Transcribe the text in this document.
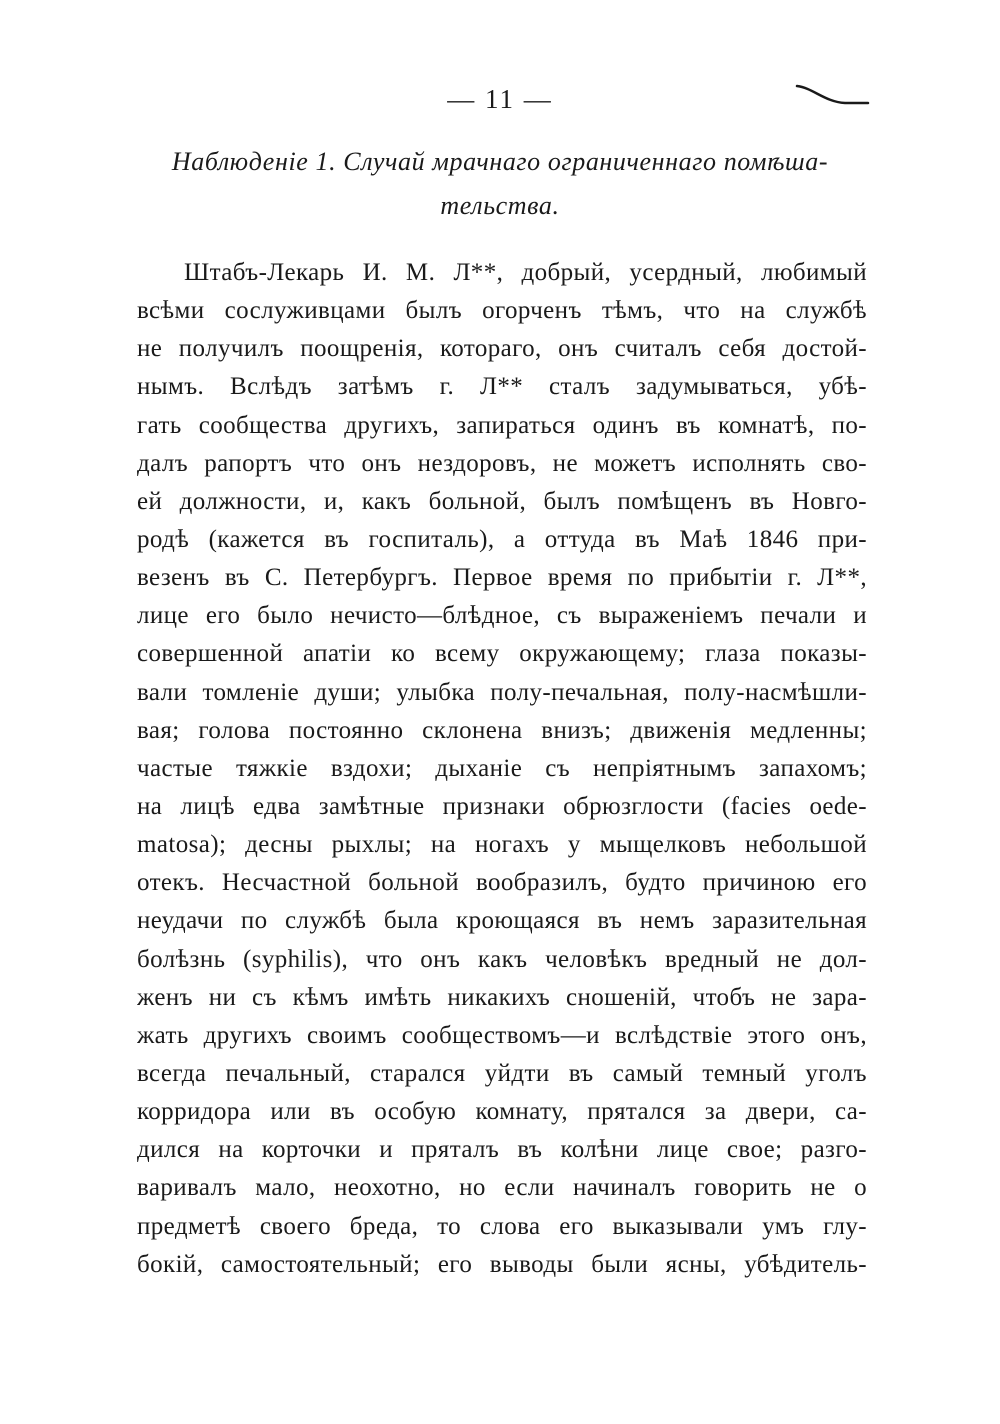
— 11 —
Наблюденіе 1. Случай мрачнаго ограниченнаго помѣша-
тельства.
Штабъ-Лекарь И. М. Л**, добрый, усердный, любимый
всѣми сослуживцами былъ огорченъ тѣмъ, что на службѣ
не получилъ поощренія, котораго, онъ считалъ себя достой-
нымъ. Вслѣдъ затѣмъ г. Л** сталъ задумываться, убѣ-
гать сообщества другихъ, запираться одинъ въ комнатѣ, по-
далъ рапортъ что онъ нездоровъ, не можетъ исполнять сво-
ей должности, и, какъ больной, былъ помѣщенъ въ Новго-
родѣ (кажется въ госпиталь), а оттуда въ Маѣ 1846 при-
везенъ въ С. Петербургъ. Первое время по прибытіи г. Л**,
лице его было нечисто—блѣдное, съ выраженіемъ печали и
совершенной апатіи ко всему окружающему; глаза показы-
вали томленіе души; улыбка полу-печальная, полу-насмѣшли-
вая; голова постоянно склонена внизъ; движенія медленны;
частые тяжкіе вздохи; дыханіе съ непріятнымъ запахомъ;
на лицѣ едва замѣтные признаки обрюзглости (facies oede-
matosa); десны рыхлы; на ногахъ у мыщелковъ небольшой
отекъ. Несчастной больной вообразилъ, будто причиною его
неудачи по службѣ была кроющаяся въ немъ заразительная
болѣзнь (syphilis), что онъ какъ человѣкъ вредный не дол-
женъ ни съ кѣмъ имѣть никакихъ сношеній, чтобъ не зара-
жать другихъ своимъ сообществомъ—и вслѣдствіе этого онъ,
всегда печальный, старался уйдти въ самый темный уголъ
корридора или въ особую комнату, прятался за двери, са-
дился на корточки и пряталъ въ колѣни лице свое; разго-
варивалъ мало, неохотно, но если начиналъ говорить не о
предметѣ своего бреда, то слова его выказывали умъ глу-
бокій, самостоятельный; его выводы были ясны, убѣдитель-
